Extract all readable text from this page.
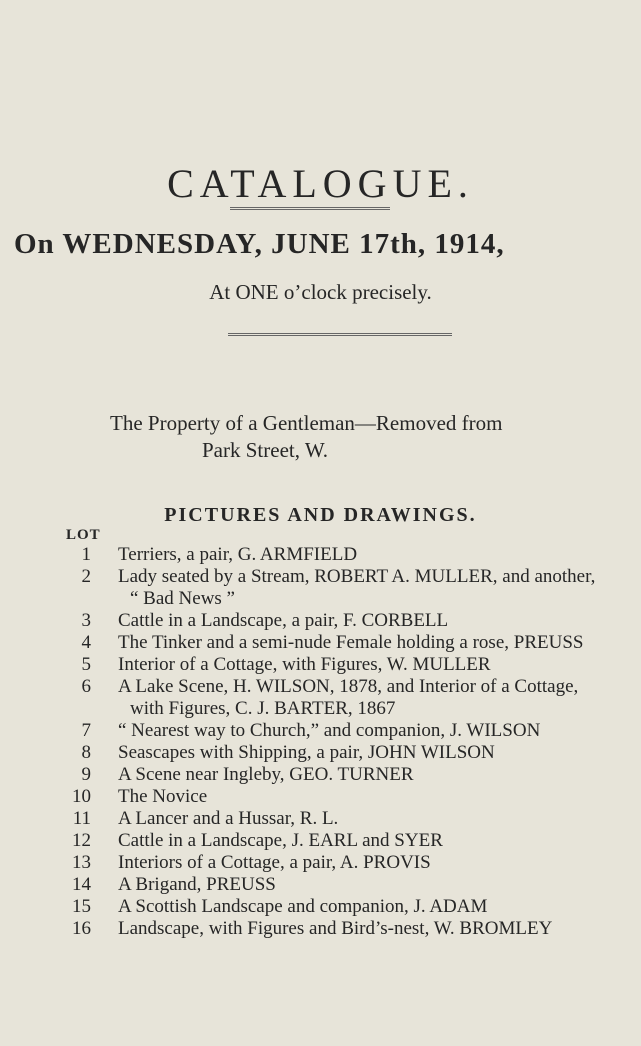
CATALOGUE.
On WEDNESDAY, JUNE 17th, 1914,
At ONE o’clock precisely.
The Property of a Gentleman—Removed from
Park Street, W.
PICTURES AND DRAWINGS.
LOT
1 Terriers, a pair, G. ARMFIELD
2 Lady seated by a Stream, ROBERT A. MULLER, and another,
“ Bad News ”
3 Cattle in a Landscape, a pair, F. CORBELL
4 The Tinker and a semi-nude Female holding a rose, PREUSS
5 Interior of a Cottage, with Figures, W. MULLER
6 A Lake Scene, H. WILSON, 1878, and Interior of a Cottage,
with Figures, C. J. BARTER, 1867
7 “ Nearest way to Church,” and companion, J. WILSON
8 Seascapes with Shipping, a pair, JOHN WILSON
9 A Scene near Ingleby, GEO. TURNER
10 The Novice
11 A Lancer and a Hussar, R. L.
12 Cattle in a Landscape, J. EARL and SYER
13 Interiors of a Cottage, a pair, A. PROVIS
14 A Brigand, PREUSS
15 A Scottish Landscape and companion, J. ADAM
16 Landscape, with Figures and Bird’s-nest, W. BROMLEY
